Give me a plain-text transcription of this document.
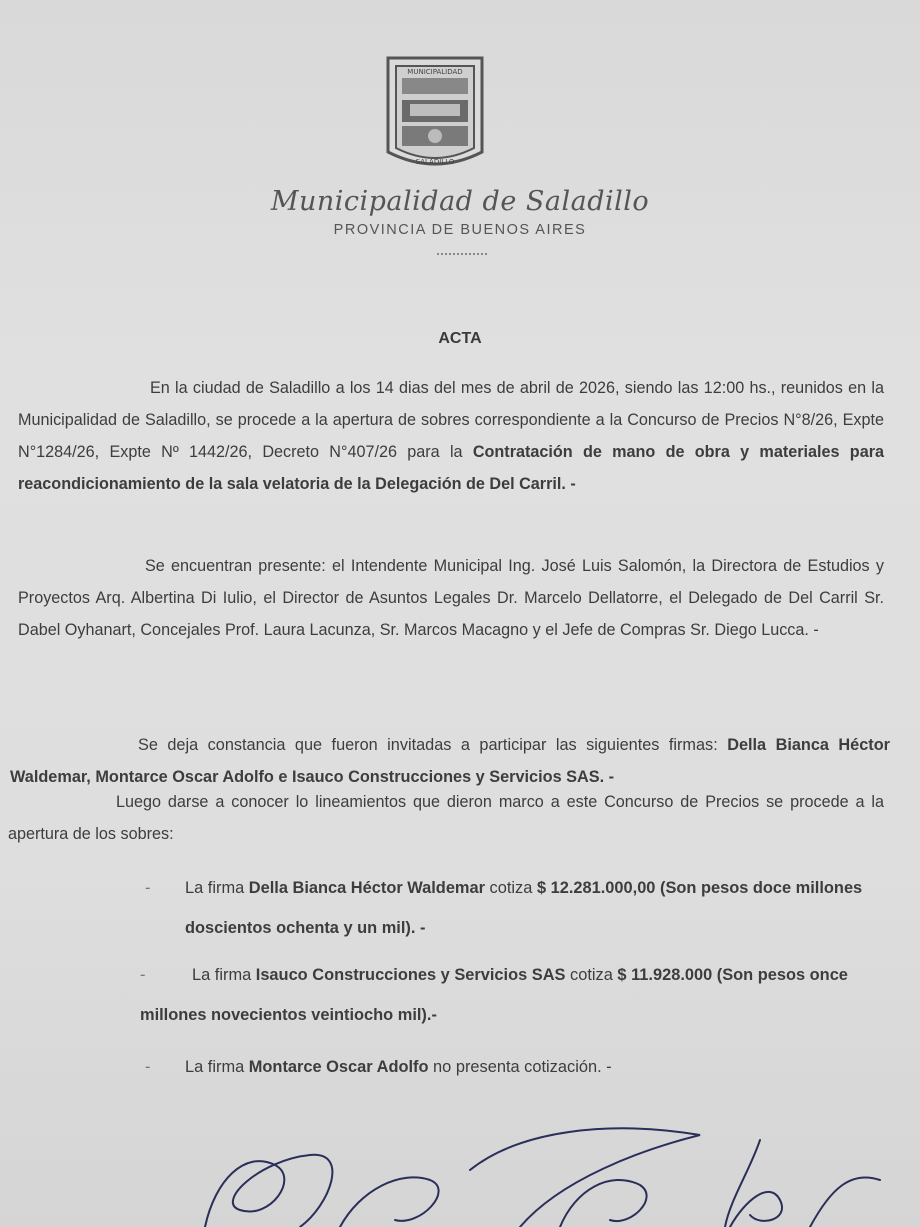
MUNICIPALIDAD
SALADILLO
Municipalidad de Saladillo
PROVINCIA DE BUENOS AIRES
ACTA
En la ciudad de Saladillo a los 14 dias del mes de abril de 2026, siendo las 12:00 hs., reunidos en la Municipalidad de Saladillo, se procede a la apertura de sobres correspondiente a la Concurso de Precios N°8/26, Expte N°1284/26, Expte Nº 1442/26, Decreto N°407/26 para la Contratación de mano de obra y materiales para reacondicionamiento de la sala velatoria de la Delegación de Del Carril. -
Se encuentran presente: el Intendente Municipal Ing. José Luis Salomón, la Directora de Estudios y Proyectos Arq. Albertina Di Iulio, el Director de Asuntos Legales Dr. Marcelo Dellatorre, el Delegado de Del Carril Sr. Dabel Oyhanart, Concejales Prof. Laura Lacunza, Sr. Marcos Macagno y el Jefe de Compras Sr. Diego Lucca. -
Se deja constancia que fueron invitadas a participar las siguientes firmas: Della Bianca Héctor Waldemar, Montarce Oscar Adolfo e Isauco Construcciones y Servicios SAS. -
Luego darse a conocer lo lineamientos que dieron marco a este Concurso de Precios se procede a la apertura de los sobres:
- La firma Della Bianca Héctor Waldemar cotiza $ 12.281.000,00 (Son pesos doce millones doscientos ochenta y un mil). -
-	La firma Isauco Construcciones y Servicios SAS cotiza $ 11.928.000 (Son pesos once millones novecientos veintiocho mil).-
- La firma Montarce Oscar Adolfo no presenta cotización. -
